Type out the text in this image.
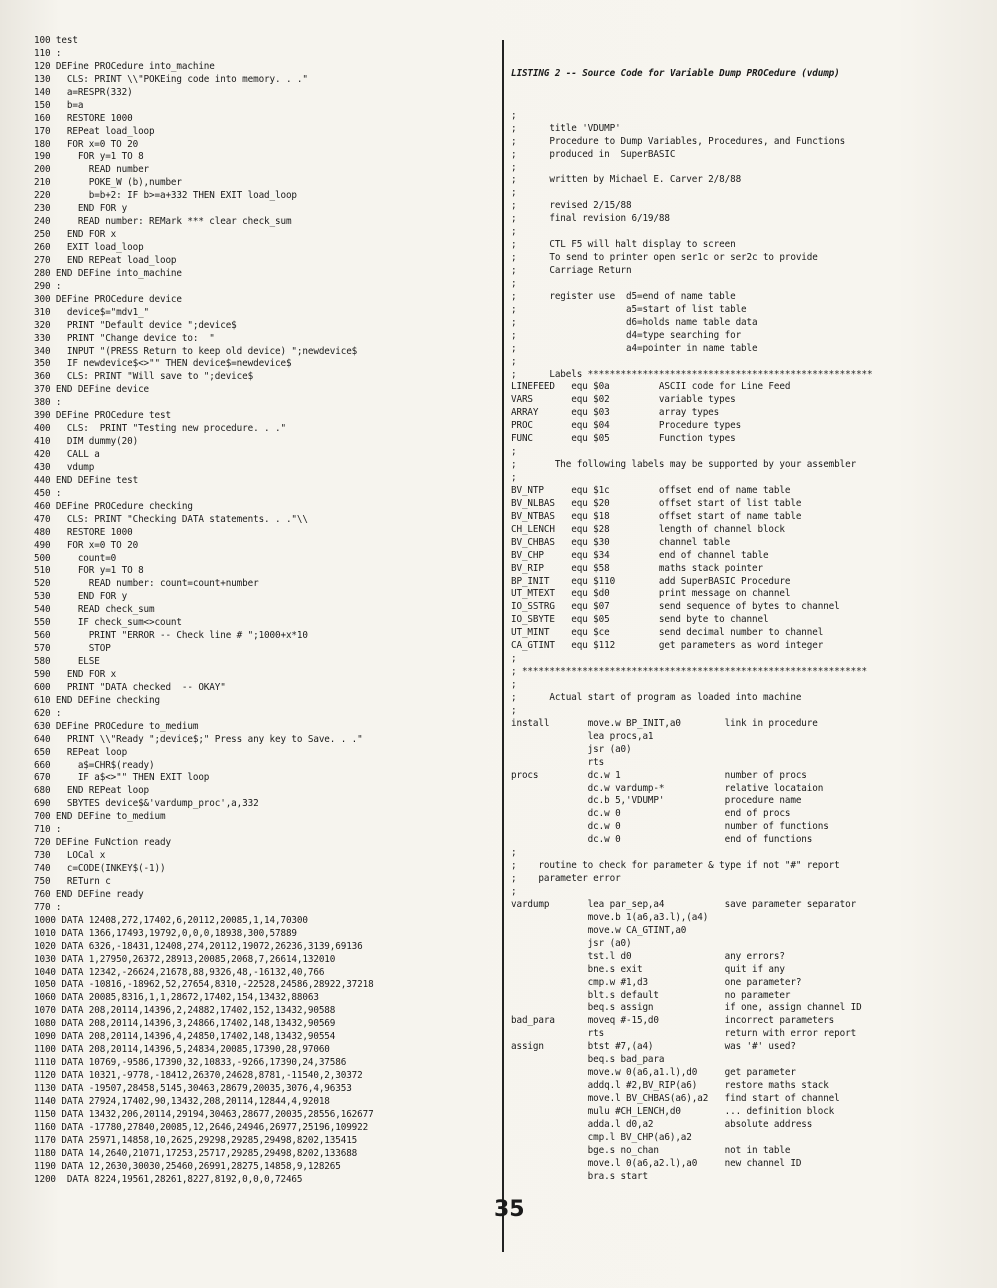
100 test
110 :
120 DEFine PROCedure into_machine
130   CLS: PRINT \\"POKEing code into memory. . ."
140   a=RESPR(332)
150   b=a
160   RESTORE 1000
170   REPeat load_loop
180   FOR x=0 TO 20
190     FOR y=1 TO 8
200       READ number
210       POKE_W (b),number
220       b=b+2: IF b>=a+332 THEN EXIT load_loop
230     END FOR y
240     READ number: REMark *** clear check_sum
250   END FOR x
260   EXIT load_loop
270   END REPeat load_loop
280 END DEFine into_machine
290 :
300 DEFine PROCedure device
310   device$="mdv1_"
320   PRINT "Default device ";device$
330   PRINT "Change device to:  "
340   INPUT "(PRESS Return to keep old device) ";newdevice$
350   IF newdevice$<>"" THEN device$=newdevice$
360   CLS: PRINT "Will save to ";device$
370 END DEFine device
380 :
390 DEFine PROCedure test
400   CLS:  PRINT "Testing new procedure. . ."
410   DIM dummy(20)
420   CALL a
430   vdump
440 END DEFine test
450 :
460 DEFine PROCedure checking
470   CLS: PRINT "Checking DATA statements. . ."\\
480   RESTORE 1000
490   FOR x=0 TO 20
500     count=0
510     FOR y=1 TO 8
520       READ number: count=count+number
530     END FOR y
540     READ check_sum
550     IF check_sum<>count
560       PRINT "ERROR -- Check line # ";1000+x*10
570       STOP
580     ELSE
590   END FOR x
600   PRINT "DATA checked  -- OKAY"
610 END DEFine checking
620 :
630 DEFine PROCedure to_medium
640   PRINT \\"Ready ";device$;" Press any key to Save. . ."
650   REPeat loop
660     a$=CHR$(ready)
670     IF a$<>"" THEN EXIT loop
680   END REPeat loop
690   SBYTES device$&'vardump_proc',a,332
700 END DEFine to_medium
710 :
720 DEFine FuNction ready
730   LOCal x
740   c=CODE(INKEY$(-1))
750   RETurn c
760 END DEFine ready
770 :
1000 DATA 12408,272,17402,6,20112,20085,1,14,70300
1010 DATA 1366,17493,19792,0,0,0,18938,300,57889
1020 DATA 6326,-18431,12408,274,20112,19072,26236,3139,69136
1030 DATA 1,27950,26372,28913,20085,2068,7,26614,132010
1040 DATA 12342,-26624,21678,88,9326,48,-16132,40,766
1050 DATA -10816,-18962,52,27654,8310,-22528,24586,28922,37218
1060 DATA 20085,8316,1,1,28672,17402,154,13432,88063
1070 DATA 208,20114,14396,2,24882,17402,152,13432,90588
1080 DATA 208,20114,14396,3,24866,17402,148,13432,90569
1090 DATA 208,20114,14396,4,24850,17402,148,13432,90554
1100 DATA 208,20114,14396,5,24834,20085,17390,28,97060
1110 DATA 10769,-9586,17390,32,10833,-9266,17390,24,37586
1120 DATA 10321,-9778,-18412,26370,24628,8781,-11540,2,30372
1130 DATA -19507,28458,5145,30463,28679,20035,3076,4,96353
1140 DATA 27924,17402,90,13432,208,20114,12844,4,92018
1150 DATA 13432,206,20114,29194,30463,28677,20035,28556,162677
1160 DATA -17780,27840,20085,12,2646,24946,26977,25196,109922
1170 DATA 25971,14858,10,2625,29298,29285,29498,8202,135415
1180 DATA 14,2640,21071,17253,25717,29285,29498,8202,133688
1190 DATA 12,2630,30030,25460,26991,28275,14858,9,128265
1200  DATA 8224,19561,28261,8227,8192,0,0,0,72465

LISTING 2 -- Source Code for Variable Dump PROCedure (vdump)

;
;      title 'VDUMP'
;      Procedure to Dump Variables, Procedures, and Functions
;      produced in  SuperBASIC
;
;      written by Michael E. Carver 2/8/88
;
;      revised 2/15/88
;      final revision 6/19/88
;
;      CTL F5 will halt display to screen
;      To send to printer open ser1c or ser2c to provide
;      Carriage Return
;
;      register use  d5=end of name table
;                    a5=start of list table
;                    d6=holds name table data
;                    d4=type searching for
;                    a4=pointer in name table
;
;      Labels ****************************************************
LINEFEED   equ $0a         ASCII code for Line Feed
VARS       equ $02         variable types
ARRAY      equ $03         array types
PROC       equ $04         Procedure types
FUNC       equ $05         Function types
;
;       The following labels may be supported by your assembler
;
BV_NTP     equ $1c         offset end of name table
BV_NLBAS   equ $20         offset start of list table
BV_NTBAS   equ $18         offset start of name table
CH_LENCH   equ $28         length of channel block
BV_CHBAS   equ $30         channel table
BV_CHP     equ $34         end of channel table
BV_RIP     equ $58         maths stack pointer
BP_INIT    equ $110        add SuperBASIC Procedure
UT_MTEXT   equ $d0         print message on channel
IO_SSTRG   equ $07         send sequence of bytes to channel
IO_SBYTE   equ $05         send byte to channel
UT_MINT    equ $ce         send decimal number to channel
CA_GTINT   equ $112        get parameters as word integer
;
; ***************************************************************
;
;      Actual start of program as loaded into machine
;
install       move.w BP_INIT,a0        link in procedure
lea procs,a1
jsr (a0)
rts
procs         dc.w 1                   number of procs
dc.w vardump-*           relative locataion
dc.b 5,'VDUMP'           procedure name
dc.w 0                   end of procs
dc.w 0                   number of functions
dc.w 0                   end of functions
;
;    routine to check for parameter & type if not "#" report
;    parameter error
;
vardump       lea par_sep,a4           save parameter separator
move.b 1(a6,a3.l),(a4)
move.w CA_GTINT,a0
jsr (a0)
tst.l d0                 any errors?
bne.s exit               quit if any
cmp.w #1,d3              one parameter?
blt.s default            no parameter
beq.s assign             if one, assign channel ID
bad_para      moveq #-15,d0            incorrect parameters
rts                      return with error report
assign        btst #7,(a4)             was '#' used?
beq.s bad_para
move.w 0(a6,a1.l),d0     get parameter
addq.l #2,BV_RIP(a6)     restore maths stack
move.l BV_CHBAS(a6),a2   find start of channel
mulu #CH_LENCH,d0        ... definition block
adda.l d0,a2             absolute address
cmp.l BV_CHP(a6),a2
bge.s no_chan            not in table
move.l 0(a6,a2.l),a0     new channel ID
bra.s start

35
